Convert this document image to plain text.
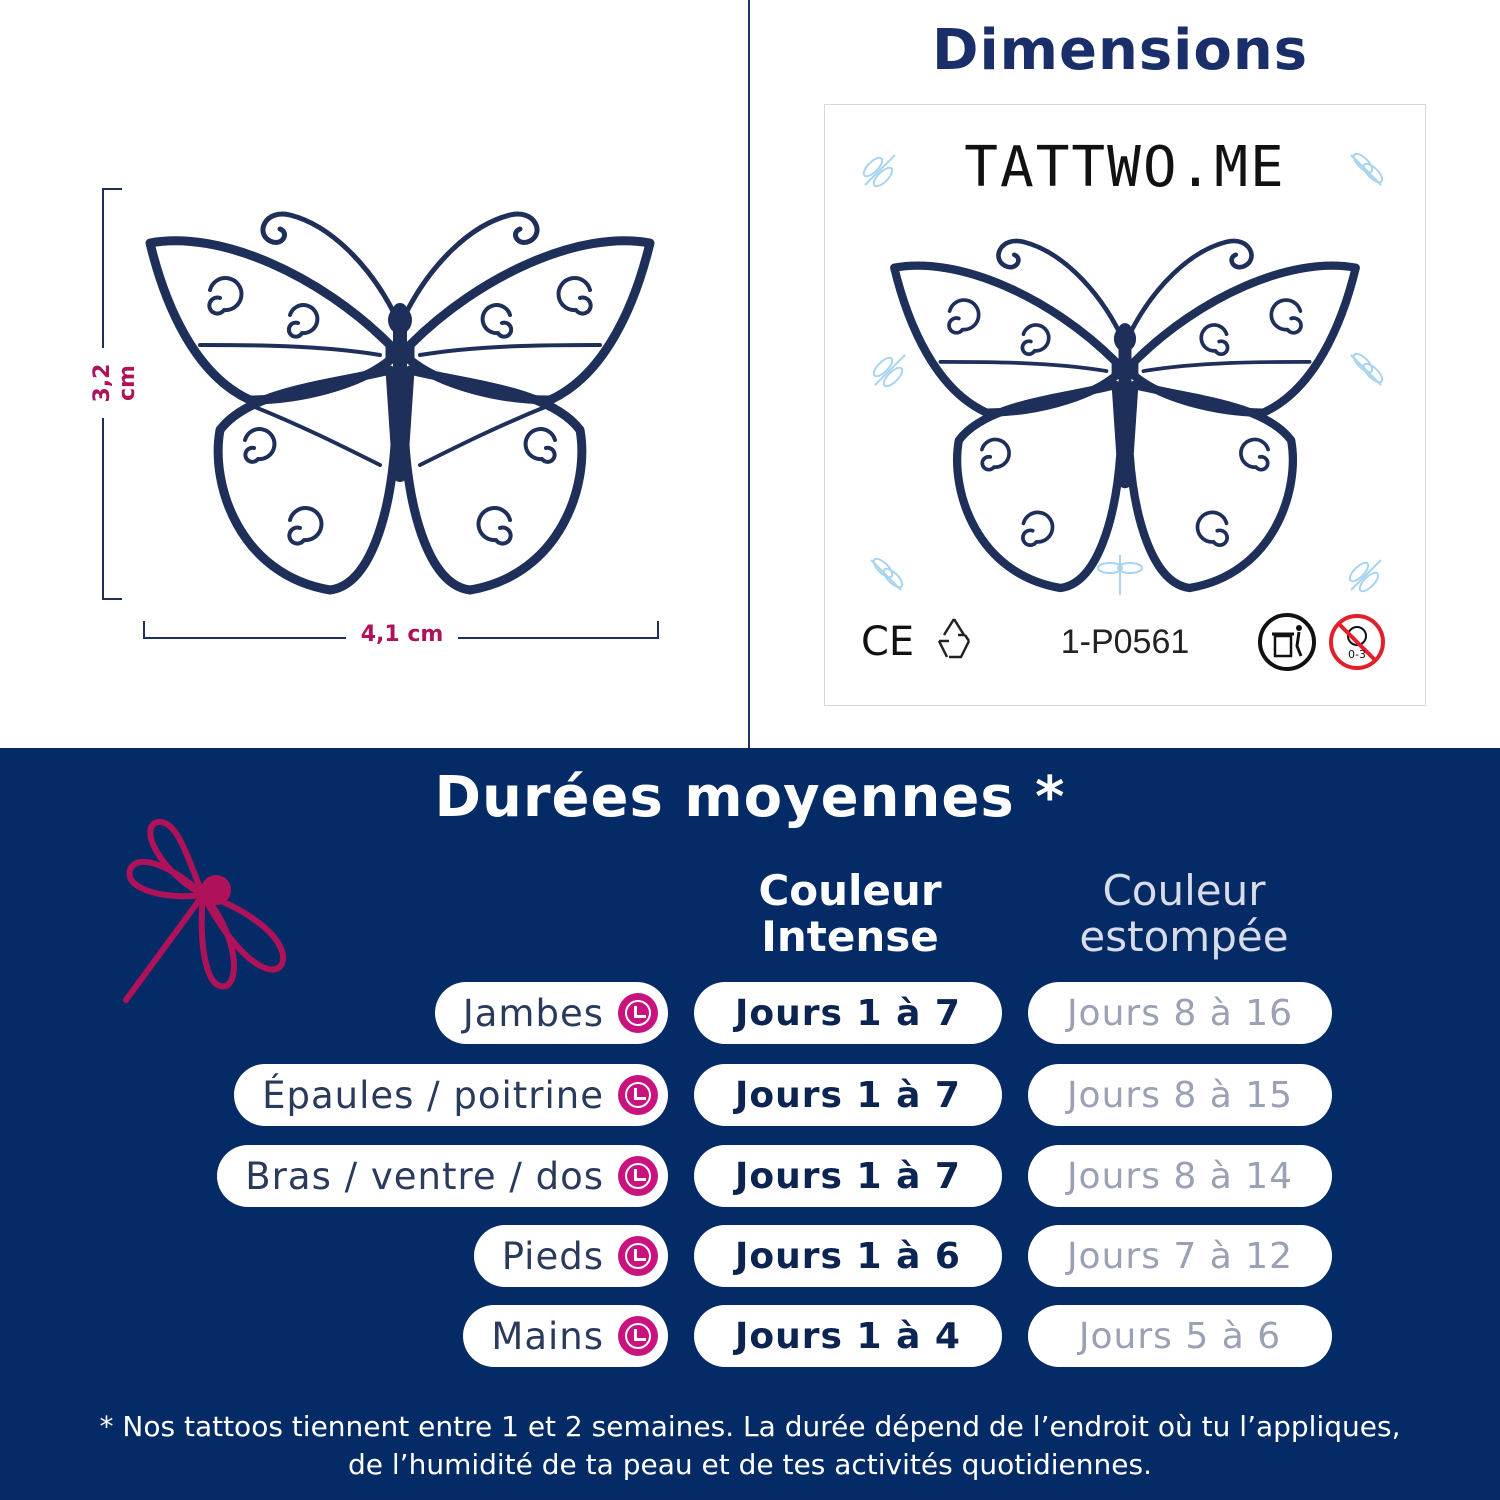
3,2 cm
4,1 cm
Dimensions
TATTWO.ME
CE	1-P0561	0-3
Durées moyennes *
Couleur
Intense
Couleur
estompée
Jambes	Jours 1 à 7	Jours 8 à 16
Épaules / poitrine	Jours 1 à 7	Jours 8 à 15
Bras / ventre / dos	Jours 1 à 7	Jours 8 à 14
Pieds	Jours 1 à 6	Jours 7 à 12
Mains	Jours 1 à 4	Jours 5 à 6
* Nos tattoos tiennent entre 1 et 2 semaines. La durée dépend de l’endroit où tu l’appliques,
de l’humidité de ta peau et de tes activités quotidiennes.
